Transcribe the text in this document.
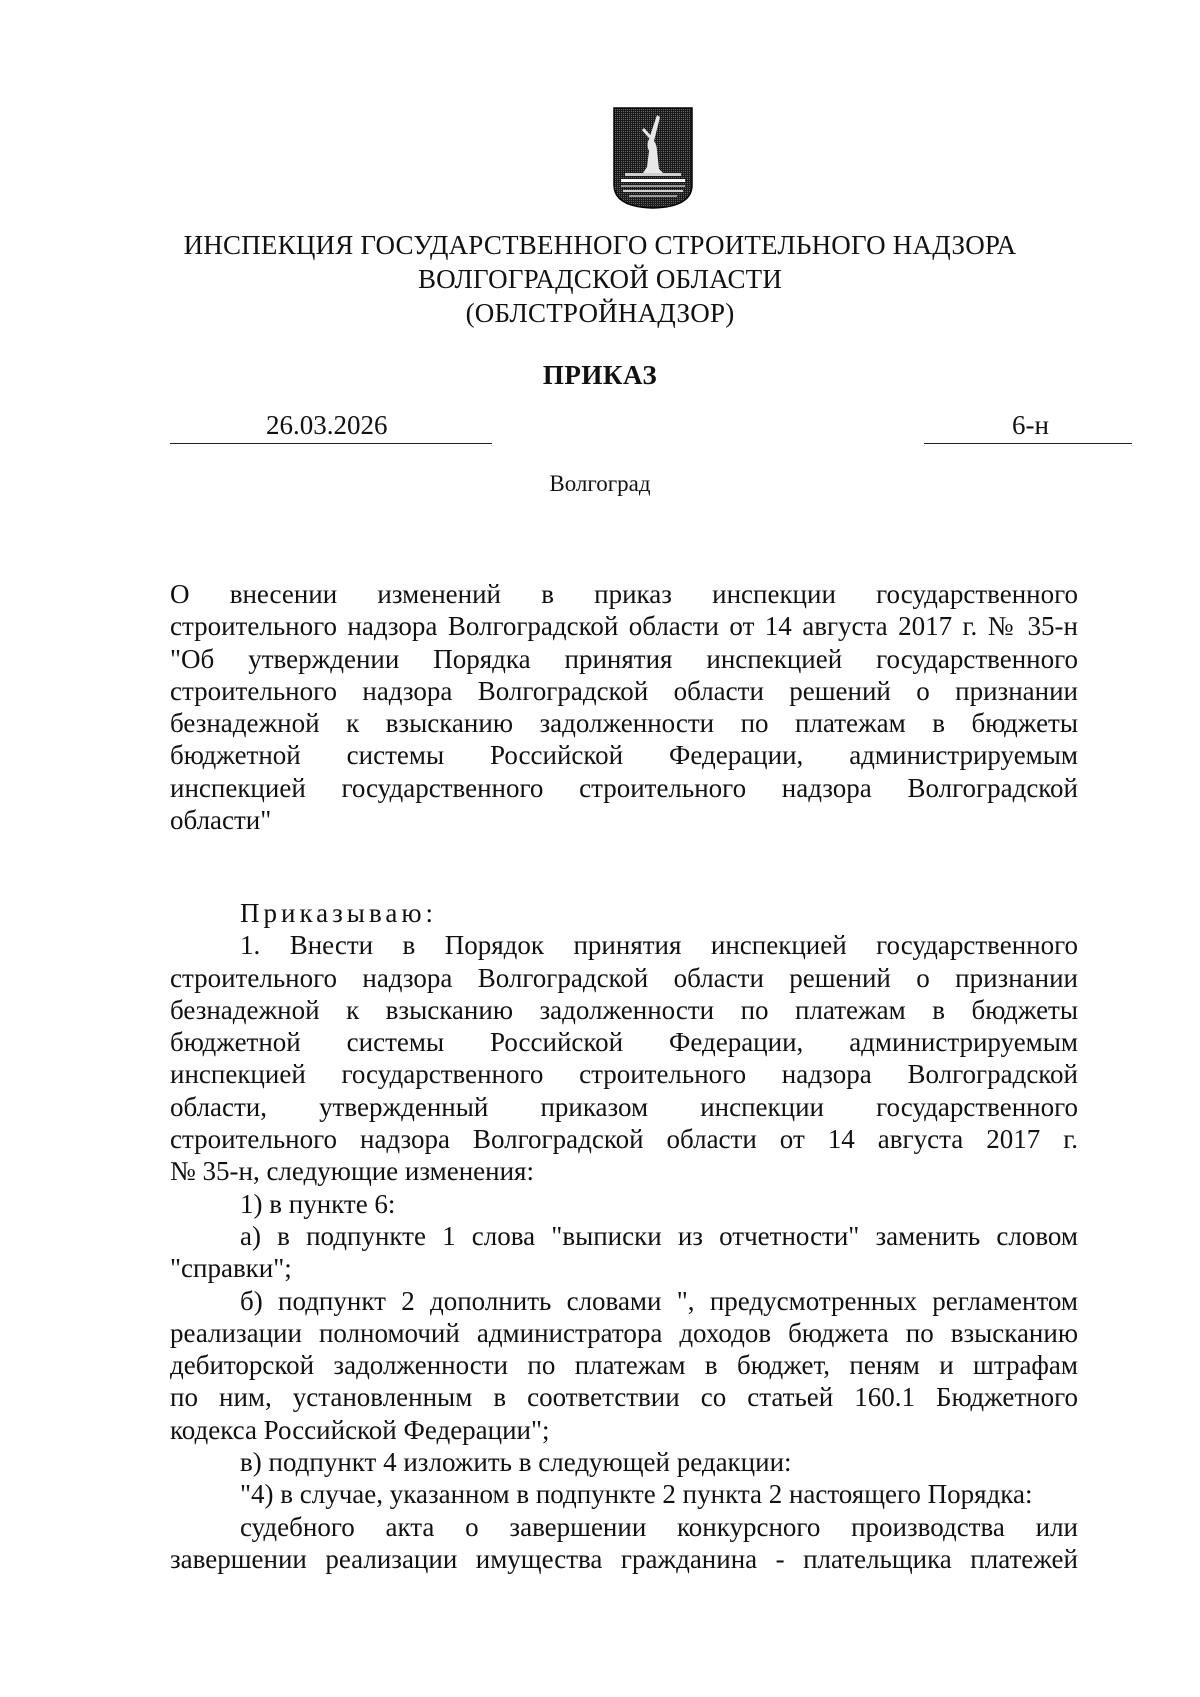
ИНСПЕКЦИЯ ГОСУДАРСТВЕННОГО СТРОИТЕЛЬНОГО НАДЗОРА
ВОЛГОГРАДСКОЙ ОБЛАСТИ
(ОБЛСТРОЙНАДЗОР)
ПРИКАЗ
26.03.2026	6-н
Волгоград
О внесении изменений в приказ инспекции государственного
строительного надзора Волгоградской области от 14 августа 2017 г. № 35-н
"Об утверждении Порядка принятия инспекцией государственного
строительного надзора Волгоградской области решений о признании
безнадежной к взысканию задолженности по платежам в бюджеты
бюджетной системы Российской Федерации, администрируемым
инспекцией государственного строительного надзора Волгоградской
области"
Приказываю:
1. Внести в Порядок принятия инспекцией государственного
строительного надзора Волгоградской области решений о признании
безнадежной к взысканию задолженности по платежам в бюджеты
бюджетной системы Российской Федерации, администрируемым
инспекцией государственного строительного надзора Волгоградской
области, утвержденный приказом инспекции государственного
строительного надзора Волгоградской области от 14 августа 2017 г.
№ 35-н, следующие изменения:
1) в пункте 6:
а) в подпункте 1 слова "выписки из отчетности" заменить словом
"справки";
б) подпункт 2 дополнить словами ", предусмотренных регламентом
реализации полномочий администратора доходов бюджета по взысканию
дебиторской задолженности по платежам в бюджет, пеням и штрафам
по ним, установленным в соответствии со статьей 160.1 Бюджетного
кодекса Российской Федерации";
в) подпункт 4 изложить в следующей редакции:
"4) в случае, указанном в подпункте 2 пункта 2 настоящего Порядка:
судебного акта о завершении конкурсного производства или
завершении реализации имущества гражданина - плательщика платежей
